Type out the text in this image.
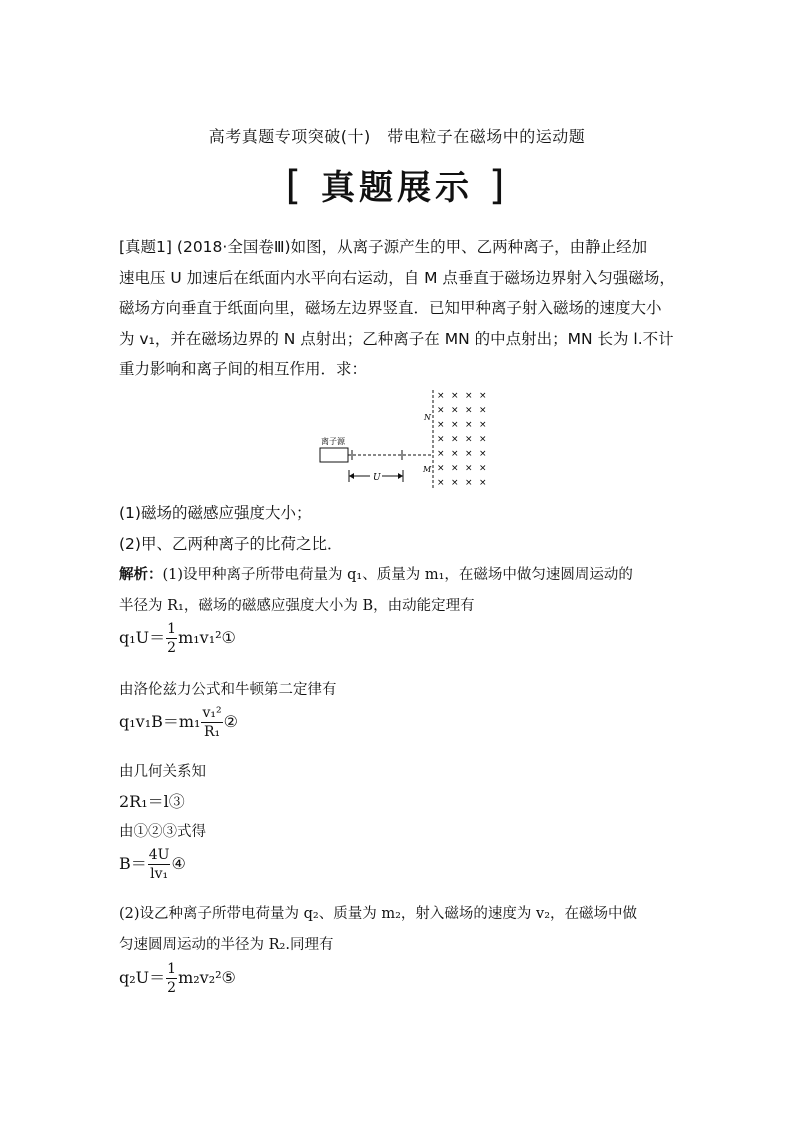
高考真题专项突破(十)　带电粒子在磁场中的运动题
[ 真题展示 ]

[真题1] (2018·全国卷Ⅲ)如图，从离子源产生的甲、乙两种离子，由静止经加

速电压 U 加速后在纸面内水平向右运动，自 M 点垂直于磁场边界射入匀强磁场，

磁场方向垂直于纸面向里，磁场左边界竖直．已知甲种离子射入磁场的速度大小

为 v₁，并在磁场边界的 N 点射出；乙种离子在 MN 的中点射出；MN 长为 l.不计

重力影响和离子间的相互作用．求：

离子源
U
N
M
× × × ×
× × × ×
× × × ×
× × × ×
× × × ×
× × × ×
× × × ×

(1)磁场的磁感应强度大小；

(2)甲、乙两种离子的比荷之比．

解析：(1)设甲种离子所带电荷量为 q₁、质量为 m₁，在磁场中做匀速圆周运动的
半径为 R₁，磁场的磁感应强度大小为 B，由动能定理有
$q_1U= \frac{1}{2}$ m₁v₁²①
由洛伦兹力公式和牛顿第二定律有
$q_1v_1B=m_1 \frac{\text{v₁²}}{\text{R₁}}$ ②
由几何关系知
2R₁＝l③
由①②③式得
$B= \frac{4U}{\text{lv₁}}$ ④
(2)设乙种离子所带电荷量为 q₂、质量为 m₂，射入磁场的速度为 v₂，在磁场中做
匀速圆周运动的半径为 R₂.同理有
$q_2U= \frac{1}{2}$ m₂v₂²⑤
